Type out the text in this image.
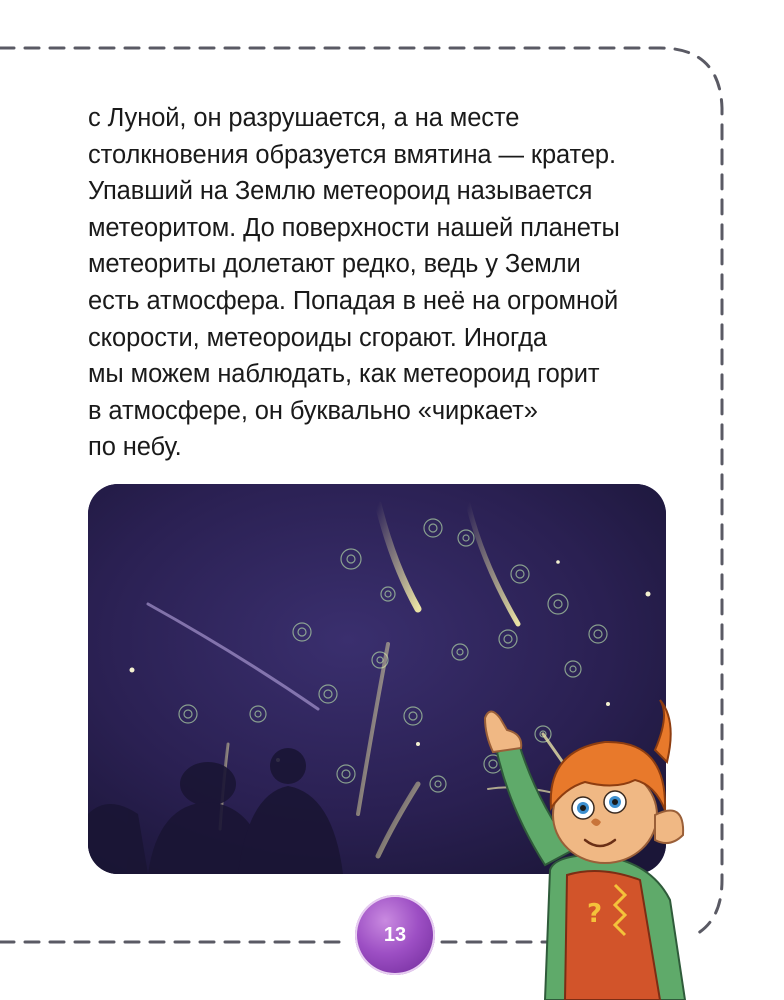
с Луной, он разрушается, а на месте
столкновения образуется вмятина — кратер.
Упавший на Землю метеороид называется
метеоритом. До поверхности нашей планеты
метеориты долетают редко, ведь у Земли
есть атмосфера. Попадая в неё на огромной
скорости, метеороиды сгорают. Иногда
мы можем наблюдать, как метеороид горит
в атмосфере, он буквально «чиркает»
по небу.
?
13
